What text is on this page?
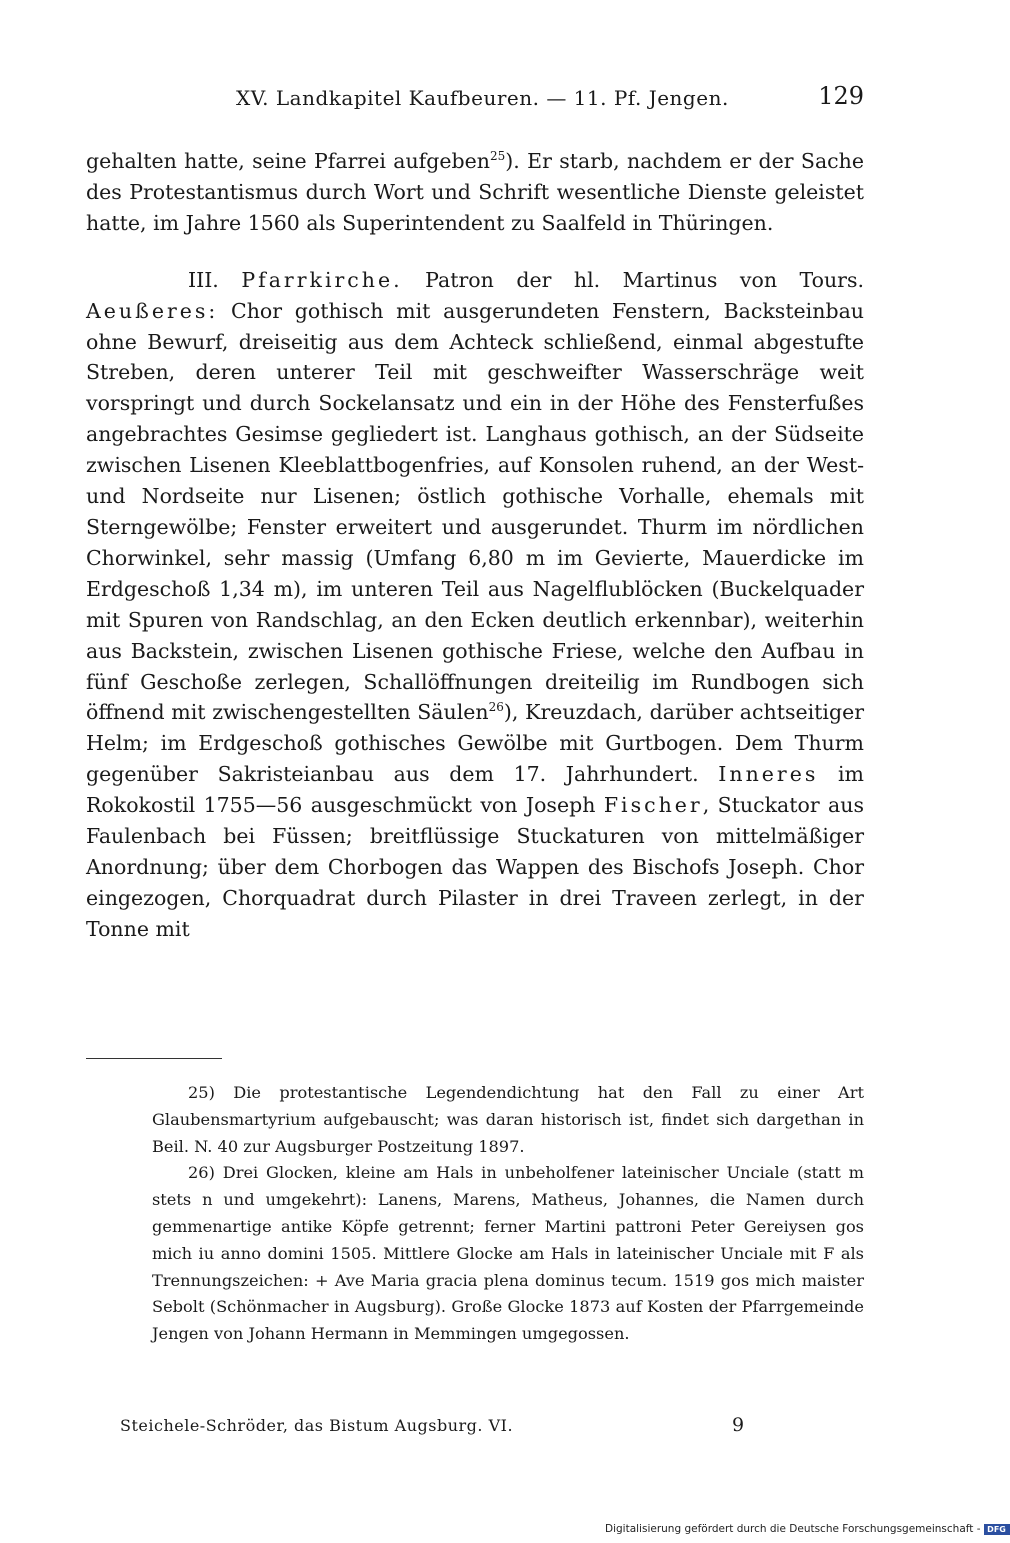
XV. Landkapitel Kaufbeuren. — 11. Pf. Jengen.	129

gehalten hatte, seine Pfarrei aufgeben$^{25}$). Er starb, nachdem er der Sache des Protestantismus durch Wort und Schrift wesentliche Dienste geleistet hatte, im Jahre 1560 als Superintendent zu Saalfeld in Thüringen.

III. Pfarrkirche. Patron der hl. Martinus von Tours. Aeußeres: Chor gothisch mit ausgerundeten Fenstern, Backsteinbau ohne Bewurf, dreiseitig aus dem Achteck schließend, einmal abgestufte Streben, deren unterer Teil mit geschweifter Wasserschräge weit vorspringt und durch Sockelansatz und ein in der Höhe des Fensterfußes angebrachtes Gesimse gegliedert ist. Langhaus gothisch, an der Südseite zwischen Lisenen Kleeblattbogenfries, auf Konsolen ruhend, an der West- und Nordseite nur Lisenen; östlich gothische Vorhalle, ehemals mit Sterngewölbe; Fenster erweitert und ausgerundet. Thurm im nördlichen Chorwinkel, sehr massig (Umfang 6,80 m im Gevierte, Mauerdicke im Erdgeschoß 1,34 m), im unteren Teil aus Nagelflublöcken (Buckelquader mit Spuren von Randschlag, an den Ecken deutlich erkennbar), weiterhin aus Backstein, zwischen Lisenen gothische Friese, welche den Aufbau in fünf Geschoße zerlegen, Schallöffnungen dreiteilig im Rundbogen sich öffnend mit zwischengestellten Säulen$^{26}$), Kreuzdach, darüber achtseitiger Helm; im Erdgeschoß gothisches Gewölbe mit Gurtbogen. Dem Thurm gegenüber Sakristeianbau aus dem 17. Jahrhundert. Inneres im Rokokostil 1755—56 ausgeschmückt von Joseph Fischer, Stuckator aus Faulenbach bei Füssen; breitflüssige Stuckaturen von mittelmäßiger Anordnung; über dem Chorbogen das Wappen des Bischofs Joseph. Chor eingezogen, Chorquadrat durch Pilaster in drei Traveen zerlegt, in der Tonne mit

25) Die protestantische Legendendichtung hat den Fall zu einer Art Glaubensmartyrium aufgebauscht; was daran historisch ist, findet sich dargethan in Beil. N. 40 zur Augsburger Postzeitung 1897.

26) Drei Glocken, kleine am Hals in unbeholfener lateinischer Unciale (statt m stets n und umgekehrt): Lanens, Marens, Matheus, Johannes, die Namen durch gemmenartige antike Köpfe getrennt; ferner Martini pattroni Peter Gereiysen gos mich iu anno domini 1505. Mittlere Glocke am Hals in lateinischer Unciale mit F als Trennungszeichen: + Ave Maria gracia plena dominus tecum. 1519 gos mich maister Sebolt (Schönmacher in Augsburg). Große Glocke 1873 auf Kosten der Pfarrgemeinde Jengen von Johann Hermann in Memmingen umgegossen.

Steichele-Schröder, das Bistum Augsburg. VI.	9
Digitalisierung gefördert durch die Deutsche Forschungsgemeinschaft - DFG
